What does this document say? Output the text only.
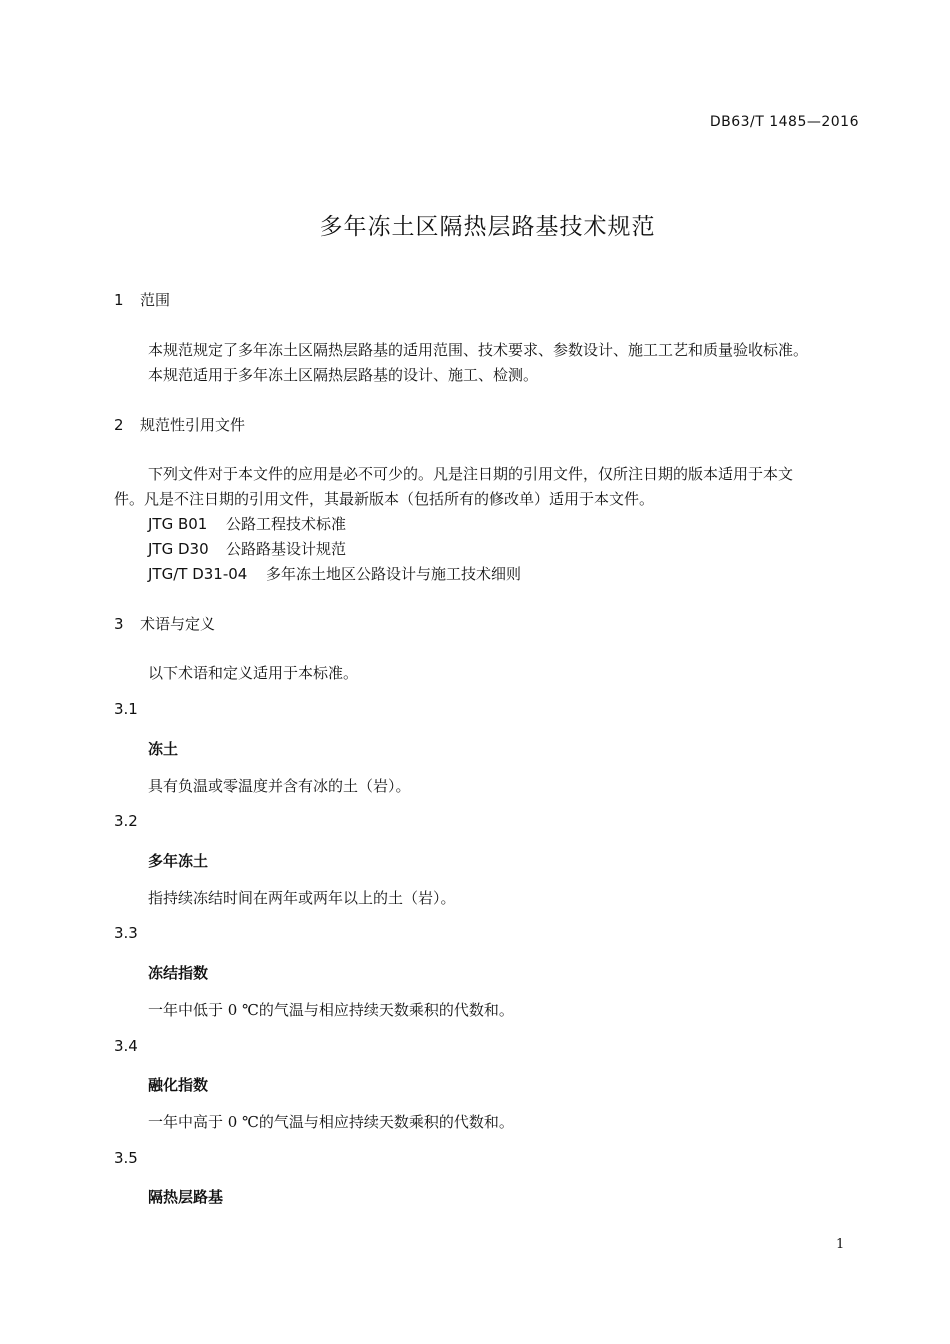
DB63/T 1485—2016
多年冻土区隔热层路基技术规范
1 范围
本规范规定了多年冻土区隔热层路基的适用范围、技术要求、参数设计、施工工艺和质量验收标准。
本规范适用于多年冻土区隔热层路基的设计、施工、检测。
2 规范性引用文件
下列文件对于本文件的应用是必不可少的。凡是注日期的引用文件，仅所注日期的版本适用于本文
件。凡是不注日期的引用文件，其最新版本（包括所有的修改单）适用于本文件。
JTG B01 公路工程技术标准
JTG D30 公路路基设计规范
JTG/T D31-04 多年冻土地区公路设计与施工技术细则
3 术语与定义
以下术语和定义适用于本标准。
3.1
冻土
具有负温或零温度并含有冰的土（岩）。
3.2
多年冻土
指持续冻结时间在两年或两年以上的土（岩）。
3.3
冻结指数
一年中低于 0 ℃的气温与相应持续天数乘积的代数和。
3.4
融化指数
一年中高于 0 ℃的气温与相应持续天数乘积的代数和。
3.5
隔热层路基
1
